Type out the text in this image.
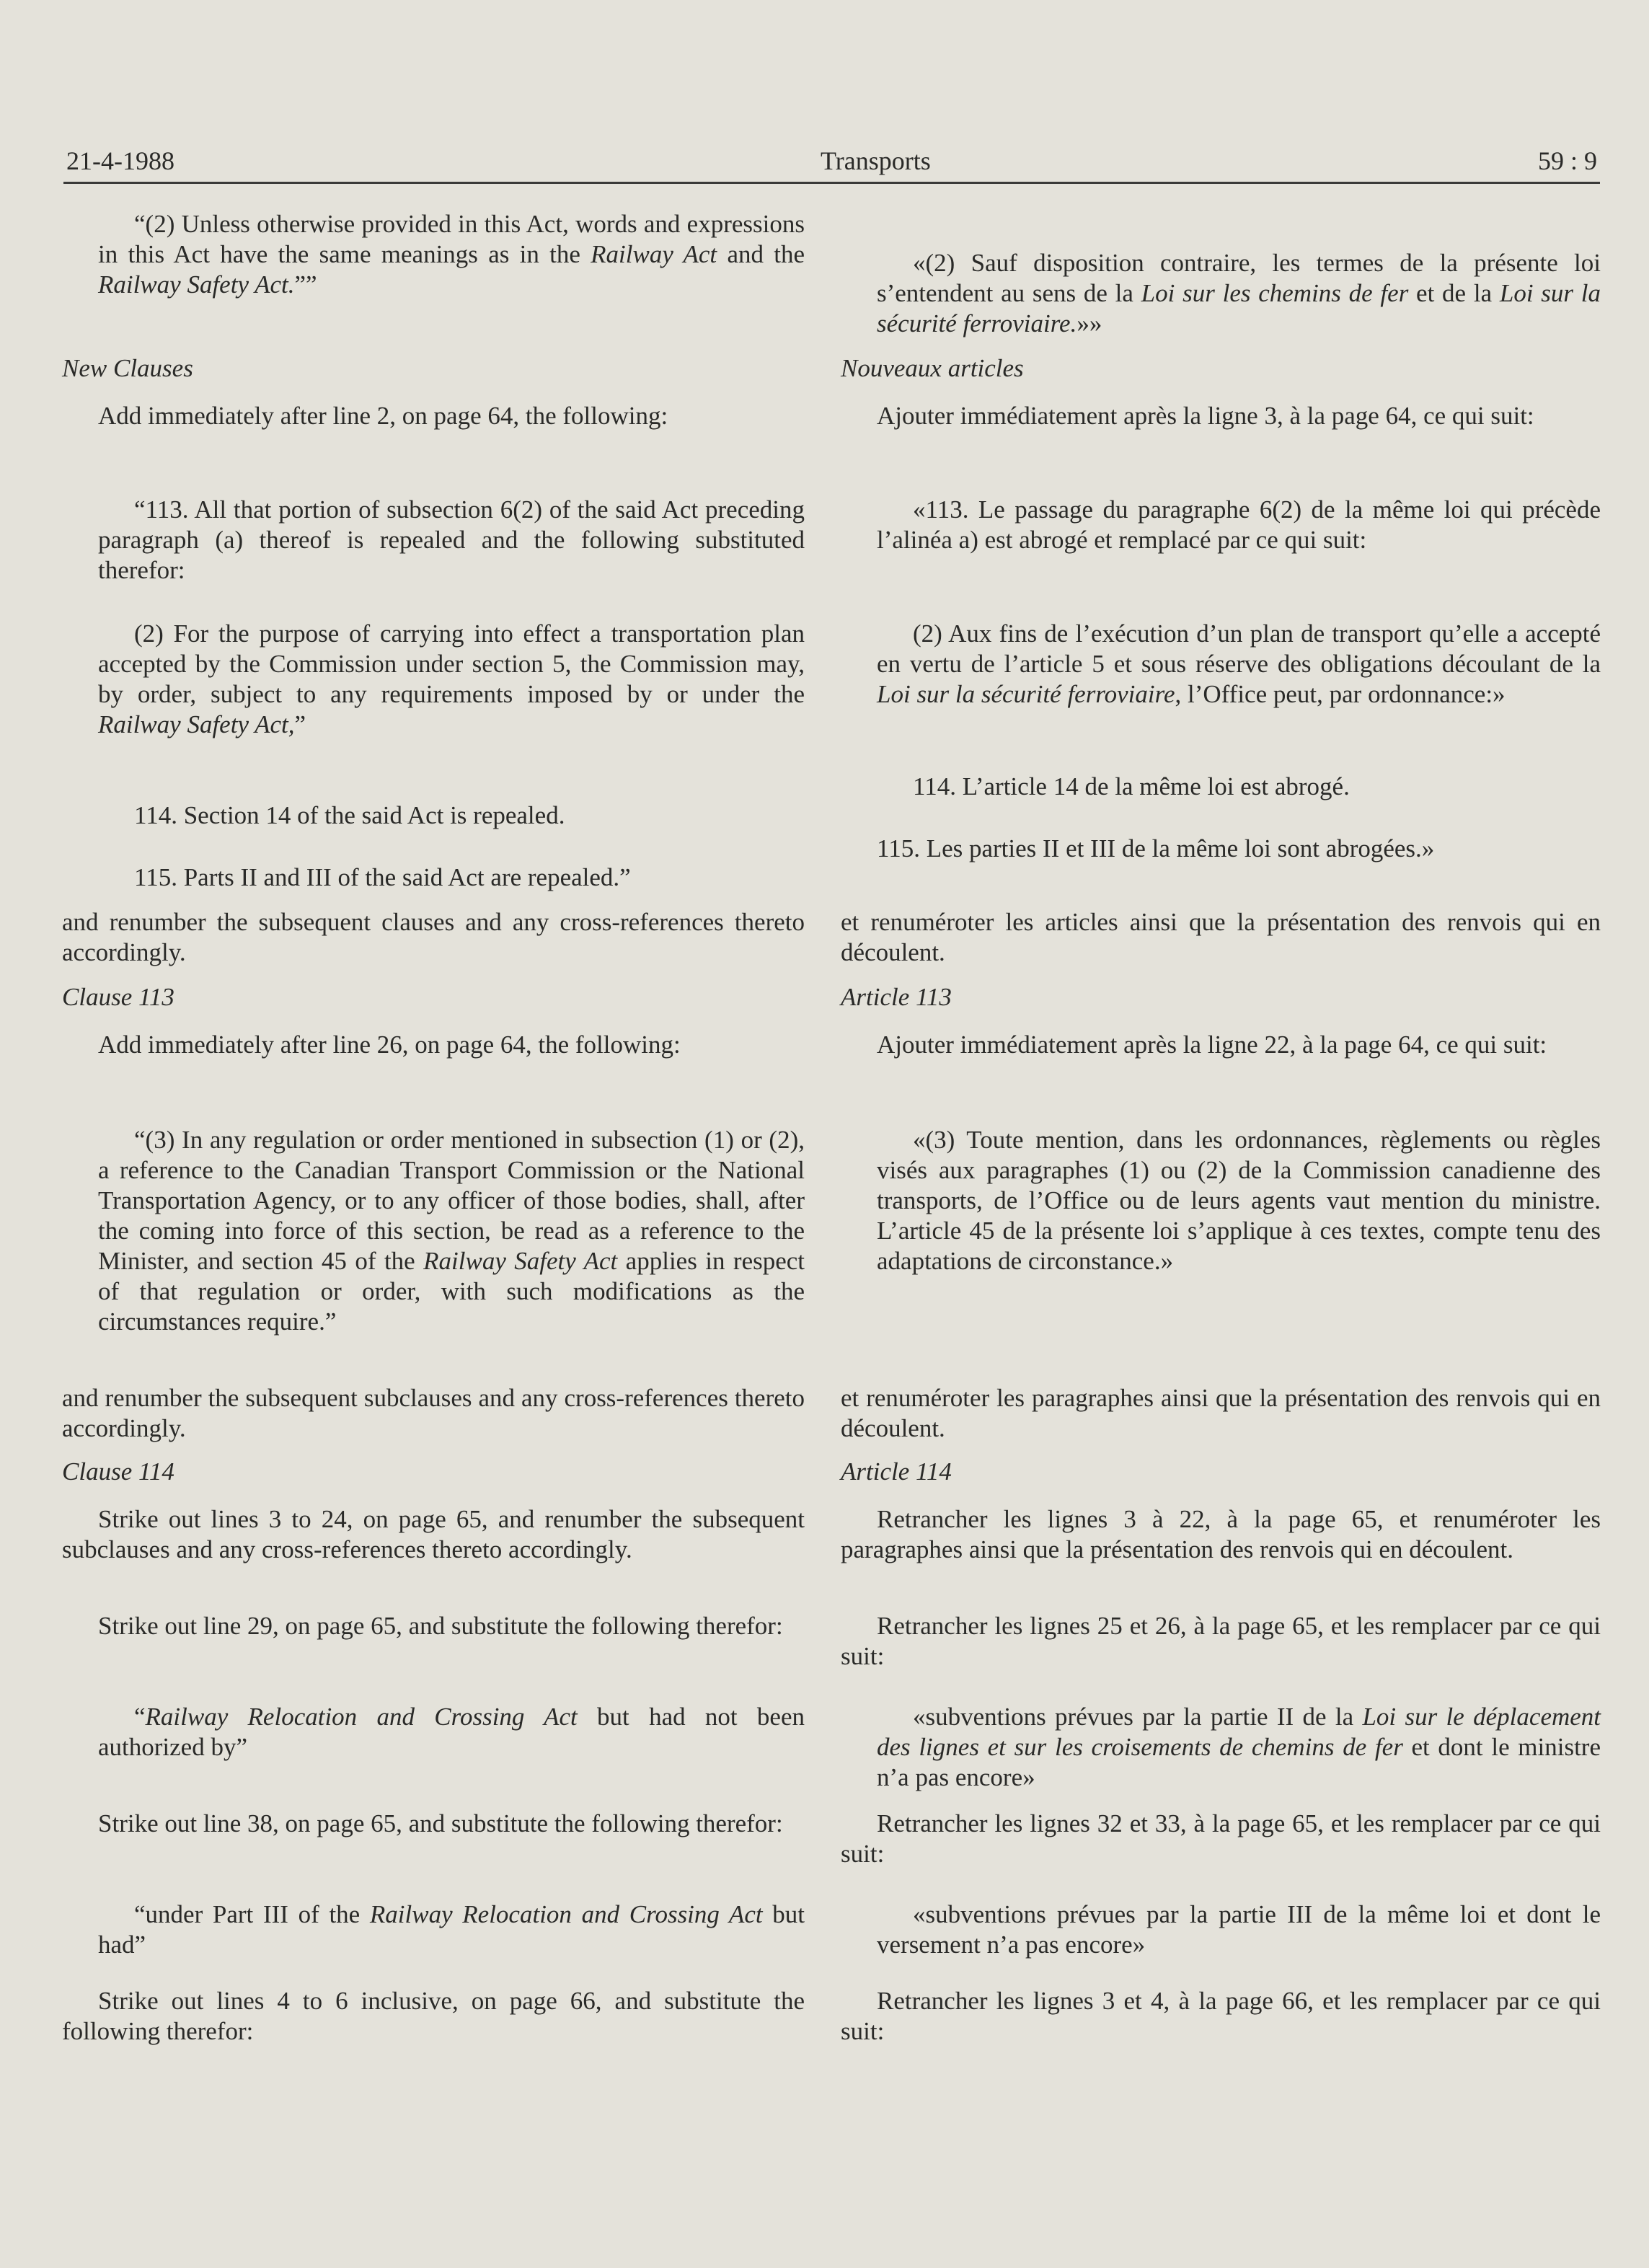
21-4-1988	Transports	59 : 9

“(2) Unless otherwise provided in this Act, words and expressions in this Act have the same meanings as in the Railway Act and the Railway Safety Act.””

New Clauses

Add immediately after line 2, on page 64, the following:

“113. All that portion of subsection 6(2) of the said Act preceding paragraph (a) thereof is repealed and the following substituted therefor:

(2) For the purpose of carrying into effect a transportation plan accepted by the Commission under section 5, the Commission may, by order, subject to any requirements imposed by or under the Railway Safety Act,”

114. Section 14 of the said Act is repealed.

115. Parts II and III of the said Act are repealed.”

and renumber the subsequent clauses and any cross-references thereto accordingly.

Clause 113

Add immediately after line 26, on page 64, the following:

“(3) In any regulation or order mentioned in subsection (1) or (2), a reference to the Canadian Transport Commission or the National Transportation Agency, or to any officer of those bodies, shall, after the coming into force of this section, be read as a reference to the Minister, and section 45 of the Railway Safety Act applies in respect of that regulation or order, with such modifications as the circumstances require.”

and renumber the subsequent subclauses and any cross-references thereto accordingly.

Clause 114

Strike out lines 3 to 24, on page 65, and renumber the subsequent subclauses and any cross-references thereto accordingly.

Strike out line 29, on page 65, and substitute the following therefor:

“Railway Relocation and Crossing Act but had not been authorized by”

Strike out line 38, on page 65, and substitute the following therefor:

“under Part III of the Railway Relocation and Crossing Act but had”

Strike out lines 4 to 6 inclusive, on page 66, and substitute the following therefor:

«(2) Sauf disposition contraire, les termes de la présente loi s’entendent au sens de la Loi sur les chemins de fer et de la Loi sur la sécurité ferroviaire.»»

Nouveaux articles

Ajouter immédiatement après la ligne 3, à la page 64, ce qui suit:

«113. Le passage du paragraphe 6(2) de la même loi qui précède l’alinéa a) est abrogé et remplacé par ce qui suit:

(2) Aux fins de l’exécution d’un plan de transport qu’elle a accepté en vertu de l’article 5 et sous réserve des obligations découlant de la Loi sur la sécurité ferroviaire, l’Office peut, par ordonnance:»

114. L’article 14 de la même loi est abrogé.

115. Les parties II et III de la même loi sont abrogées.»

et renuméroter les articles ainsi que la présentation des renvois qui en découlent.

Article 113

Ajouter immédiatement après la ligne 22, à la page 64, ce qui suit:

«(3) Toute mention, dans les ordonnances, règlements ou règles visés aux paragraphes (1) ou (2) de la Commission canadienne des transports, de l’Office ou de leurs agents vaut mention du ministre. L’article 45 de la présente loi s’applique à ces textes, compte tenu des adaptations de circonstance.»

et renuméroter les paragraphes ainsi que la présentation des renvois qui en découlent.

Article 114

Retrancher les lignes 3 à 22, à la page 65, et renuméroter les paragraphes ainsi que la présentation des renvois qui en découlent.

Retrancher les lignes 25 et 26, à la page 65, et les remplacer par ce qui suit:

«subventions prévues par la partie II de la Loi sur le déplacement des lignes et sur les croisements de chemins de fer et dont le ministre n’a pas encore»

Retrancher les lignes 32 et 33, à la page 65, et les remplacer par ce qui suit:

«subventions prévues par la partie III de la même loi et dont le versement n’a pas encore»

Retrancher les lignes 3 et 4, à la page 66, et les remplacer par ce qui suit:
